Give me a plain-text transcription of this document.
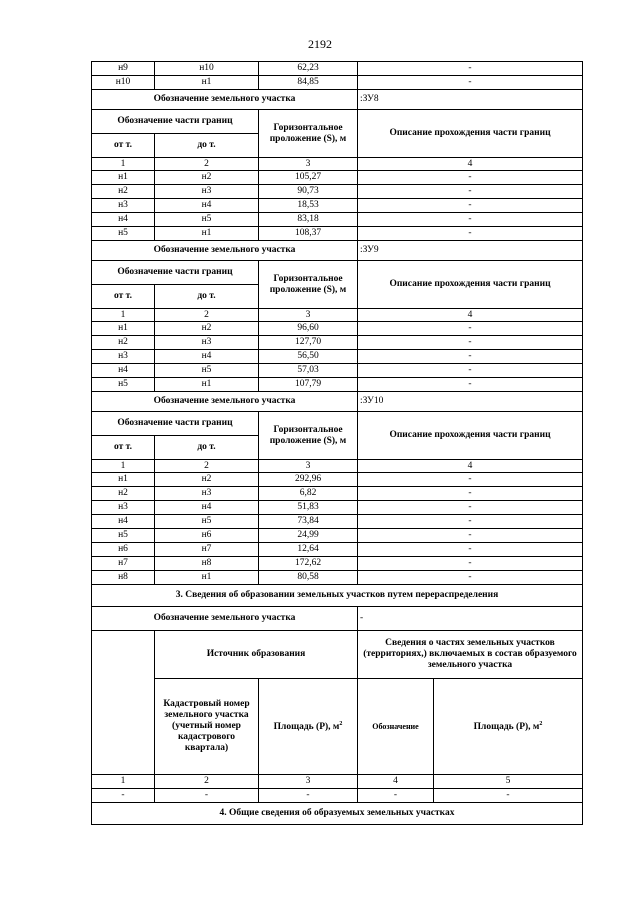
2192
н9	н10	62,23	-	
н10	н1	84,85	-	
Обозначение земельного участка			:ЗУ8	
Обозначение части границ		Горизонтальное проложение (S), м	Описание прохождения части границ	
от т.	до т.			
1	2	3	4	
н1	н2	105,27	-	
н2	н3	90,73	-	
н3	н4	18,53	-	
н4	н5	83,18	-	
н5	н1	108,37	-	
Обозначение земельного участка			:ЗУ9	
Обозначение части границ		Горизонтальное проложение (S), м	Описание прохождения части границ	
от т.	до т.			
1	2	3	4	
н1	н2	96,60	-	
н2	н3	127,70	-	
н3	н4	56,50	-	
н4	н5	57,03	-	
н5	н1	107,79	-	
Обозначение земельного участка			:ЗУ10	
Обозначение части границ		Горизонтальное проложение (S), м	Описание прохождения части границ	
от т.	до т.			
1	2	3	4	
н1	н2	292,96	-	
н2	н3	6,82	-	
н3	н4	51,83	-	
н4	н5	73,84	-	
н5	н6	24,99	-	
н6	н7	12,64	-	
н7	н8	172,62	-	
н8	н1	80,58	-	
3. Сведения об образовании земельных участков путем перераспределения				
Обозначение земельного участка			-	
	Источник образования		Сведения о частях земельных участков (территориях,) включаемых в состав образуемого земельного участка	
	Кадастровый номер земельного участка (учетный номер кадастрового квартала)	Площадь (Р), $м^2$	Обозначение	Площадь (Р), $м^2$
1	2	3	4	5
-	-	-	-	-
4. Общие сведения об образуемых земельных участках				
